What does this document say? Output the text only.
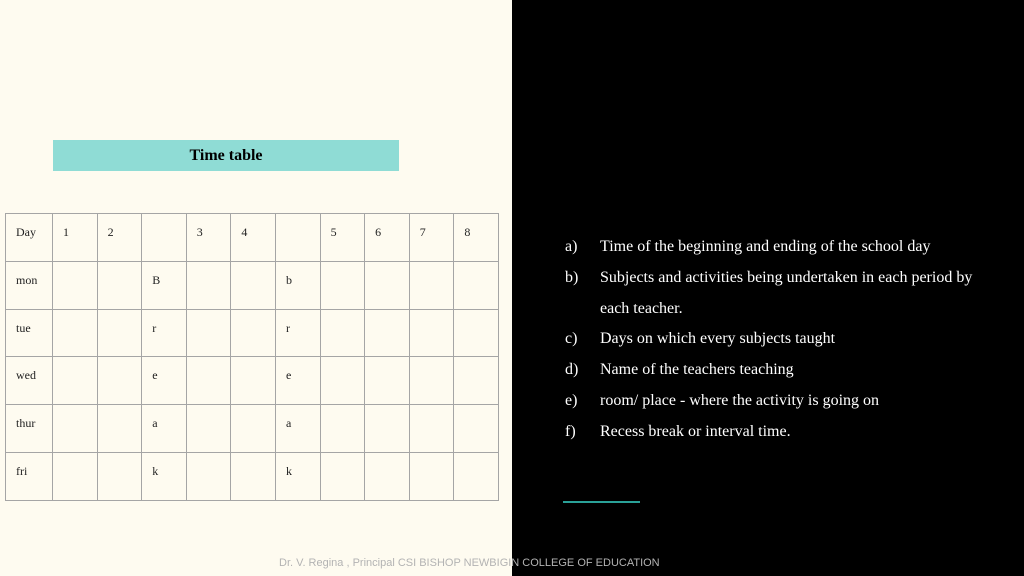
Time table
Day	1	2		3	4		5	6	7	8

mon			B			b				

tue			r			r				

wed			e			e				

thur			a			a				

fri			k			k				

a)	Time of the beginning and ending of the school day
b)	Subjects and activities being undertaken in each period by each teacher.
c)	Days on which every subjects taught
d)	Name of the teachers teaching
e)	room/ place - where the activity is going on
f)	Recess break or interval time.
Dr. V. Regina , Principal CSI BISHOP NEWBIGIN COLLEGE OF EDUCATION
